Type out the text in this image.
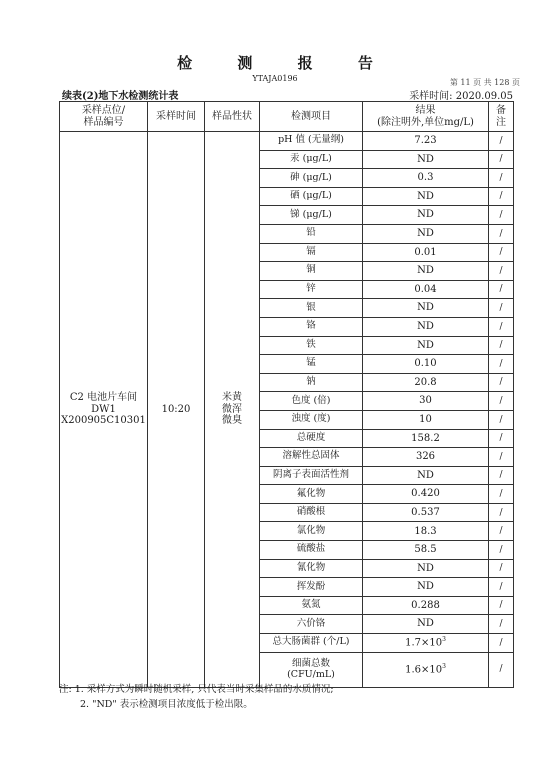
检 测 报 告
YTAJA0196	第 11 页 共 128 页
续表(2)地下水检测统计表	采样时间: 2020.09.05
采样点位/
样品编号	采样时间	样品性状	检测项目	结果
(除注明外,单位mg/L)	备
注
C2 电池片车间
DW1
X200905C10301	10:20	米黄
微浑
微臭	pH 值 (无量纲)	7.23	/
			汞 (μg/L)	ND	/
			砷 (μg/L)	0.3	/
			硒 (μg/L)	ND	/
			锑 (μg/L)	ND	/
			铅	ND	/
			镉	0.01	/
			铜	ND	/
			锌	0.04	/
			银	ND	/
			铬	ND	/
			铁	ND	/
			锰	0.10	/
			钠	20.8	/
			色度 (倍)	30	/
			浊度 (度)	10	/
			总硬度	158.2	/
			溶解性总固体	326	/
			阴离子表面活性剂	ND	/
			氟化物	0.420	/
			硝酸根	0.537	/
			氯化物	18.3	/
			硫酸盐	58.5	/
			氰化物	ND	/
			挥发酚	ND	/
			氨氮	0.288	/
			六价铬	ND	/
			总大肠菌群 (个/L)	$1.7\times 10^3$	/
			细菌总数
(CFU/mL)	$1.6\times 10^3$	/
注: 1. 采样方式为瞬时随机采样, 只代表当时采集样品的水质情况;
2. "ND" 表示检测项目浓度低于检出限。
